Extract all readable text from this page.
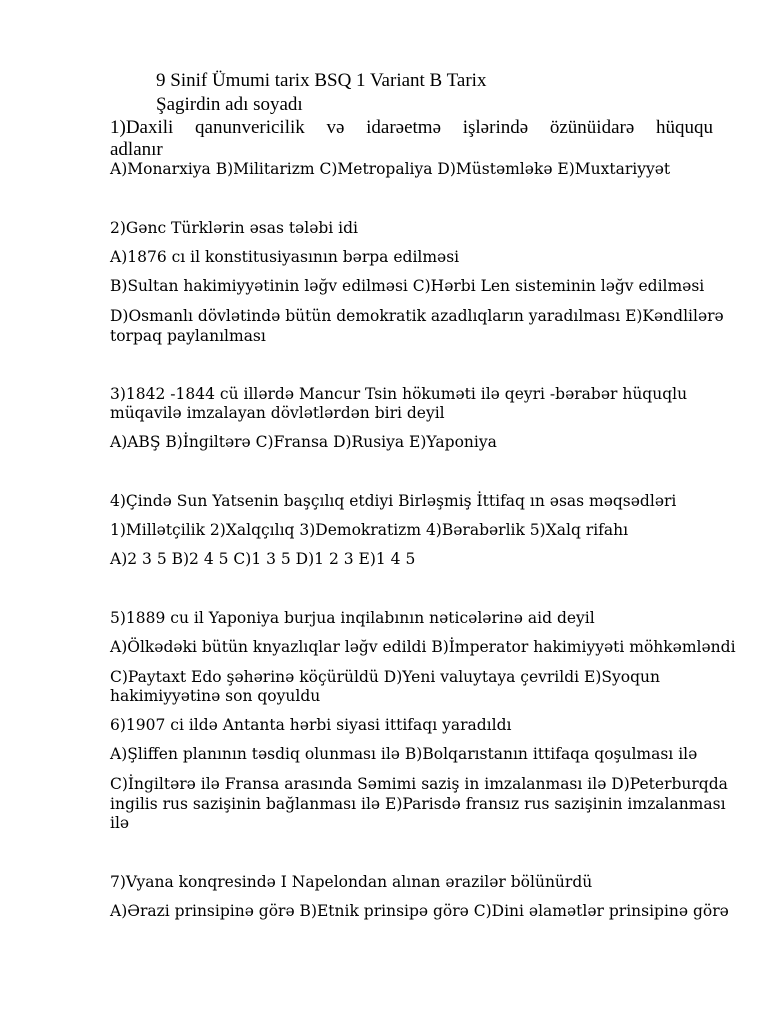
9 Sinif Ümumi tarix BSQ 1 Variant B Tarix
Şagirdin adı soyadı
1)Daxili qanunvericilik və idarəetmə işlərində özünüidarə hüququ
adlanır
A)Monarxiya B)Militarizm C)Metropaliya D)Müstəmləkə E)Muxtariyyət
2)Gənc Türklərin əsas tələbi idi
A)1876 cı il konstitusiyasının bərpa edilməsi
B)Sultan hakimiyyətinin ləğv edilməsi C)Hərbi Len sisteminin ləğv edilməsi
D)Osmanlı dövlətində bütün demokratik azadlıqların yaradılması E)Kəndlilərə
torpaq paylanılması
3)1842 -1844 cü illərdə Mancur Tsin hökuməti ilə qeyri -bərabər hüquqlu
müqavilə imzalayan dövlətlərdən biri deyil
A)ABŞ B)İngiltərə C)Fransa D)Rusiya E)Yaponiya
4)Çində Sun Yatsenin başçılıq etdiyi Birləşmiş İttifaq ın əsas məqsədləri
1)Millətçilik 2)Xalqçılıq 3)Demokratizm 4)Bərabərlik 5)Xalq rifahı
A)2 3 5 B)2 4 5 C)1 3 5 D)1 2 3 E)1 4 5
5)1889 cu il Yaponiya burjua inqilabının nəticələrinə aid deyil
A)Ölkədəki bütün knyazlıqlar ləğv edildi B)İmperator hakimiyyəti möhkəmləndi
C)Paytaxt Edo şəhərinə köçürüldü D)Yeni valuytaya çevrildi E)Syoqun
hakimiyyətinə son qoyuldu
6)1907 ci ildə Antanta hərbi siyasi ittifaqı yaradıldı
A)Şliffen planının təsdiq olunması ilə B)Bolqarıstanın ittifaqa qoşulması ilə
C)İngiltərə ilə Fransa arasında Səmimi saziş in imzalanması ilə D)Peterburqda
ingilis rus sazişinin bağlanması ilə E)Parisdə fransız rus sazişinin imzalanması
ilə
7)Vyana konqresində I Napelondan alınan ərazilər bölünürdü
A)Ərazi prinsipinə görə B)Etnik prinsipə görə C)Dini əlamətlər prinsipinə görə
